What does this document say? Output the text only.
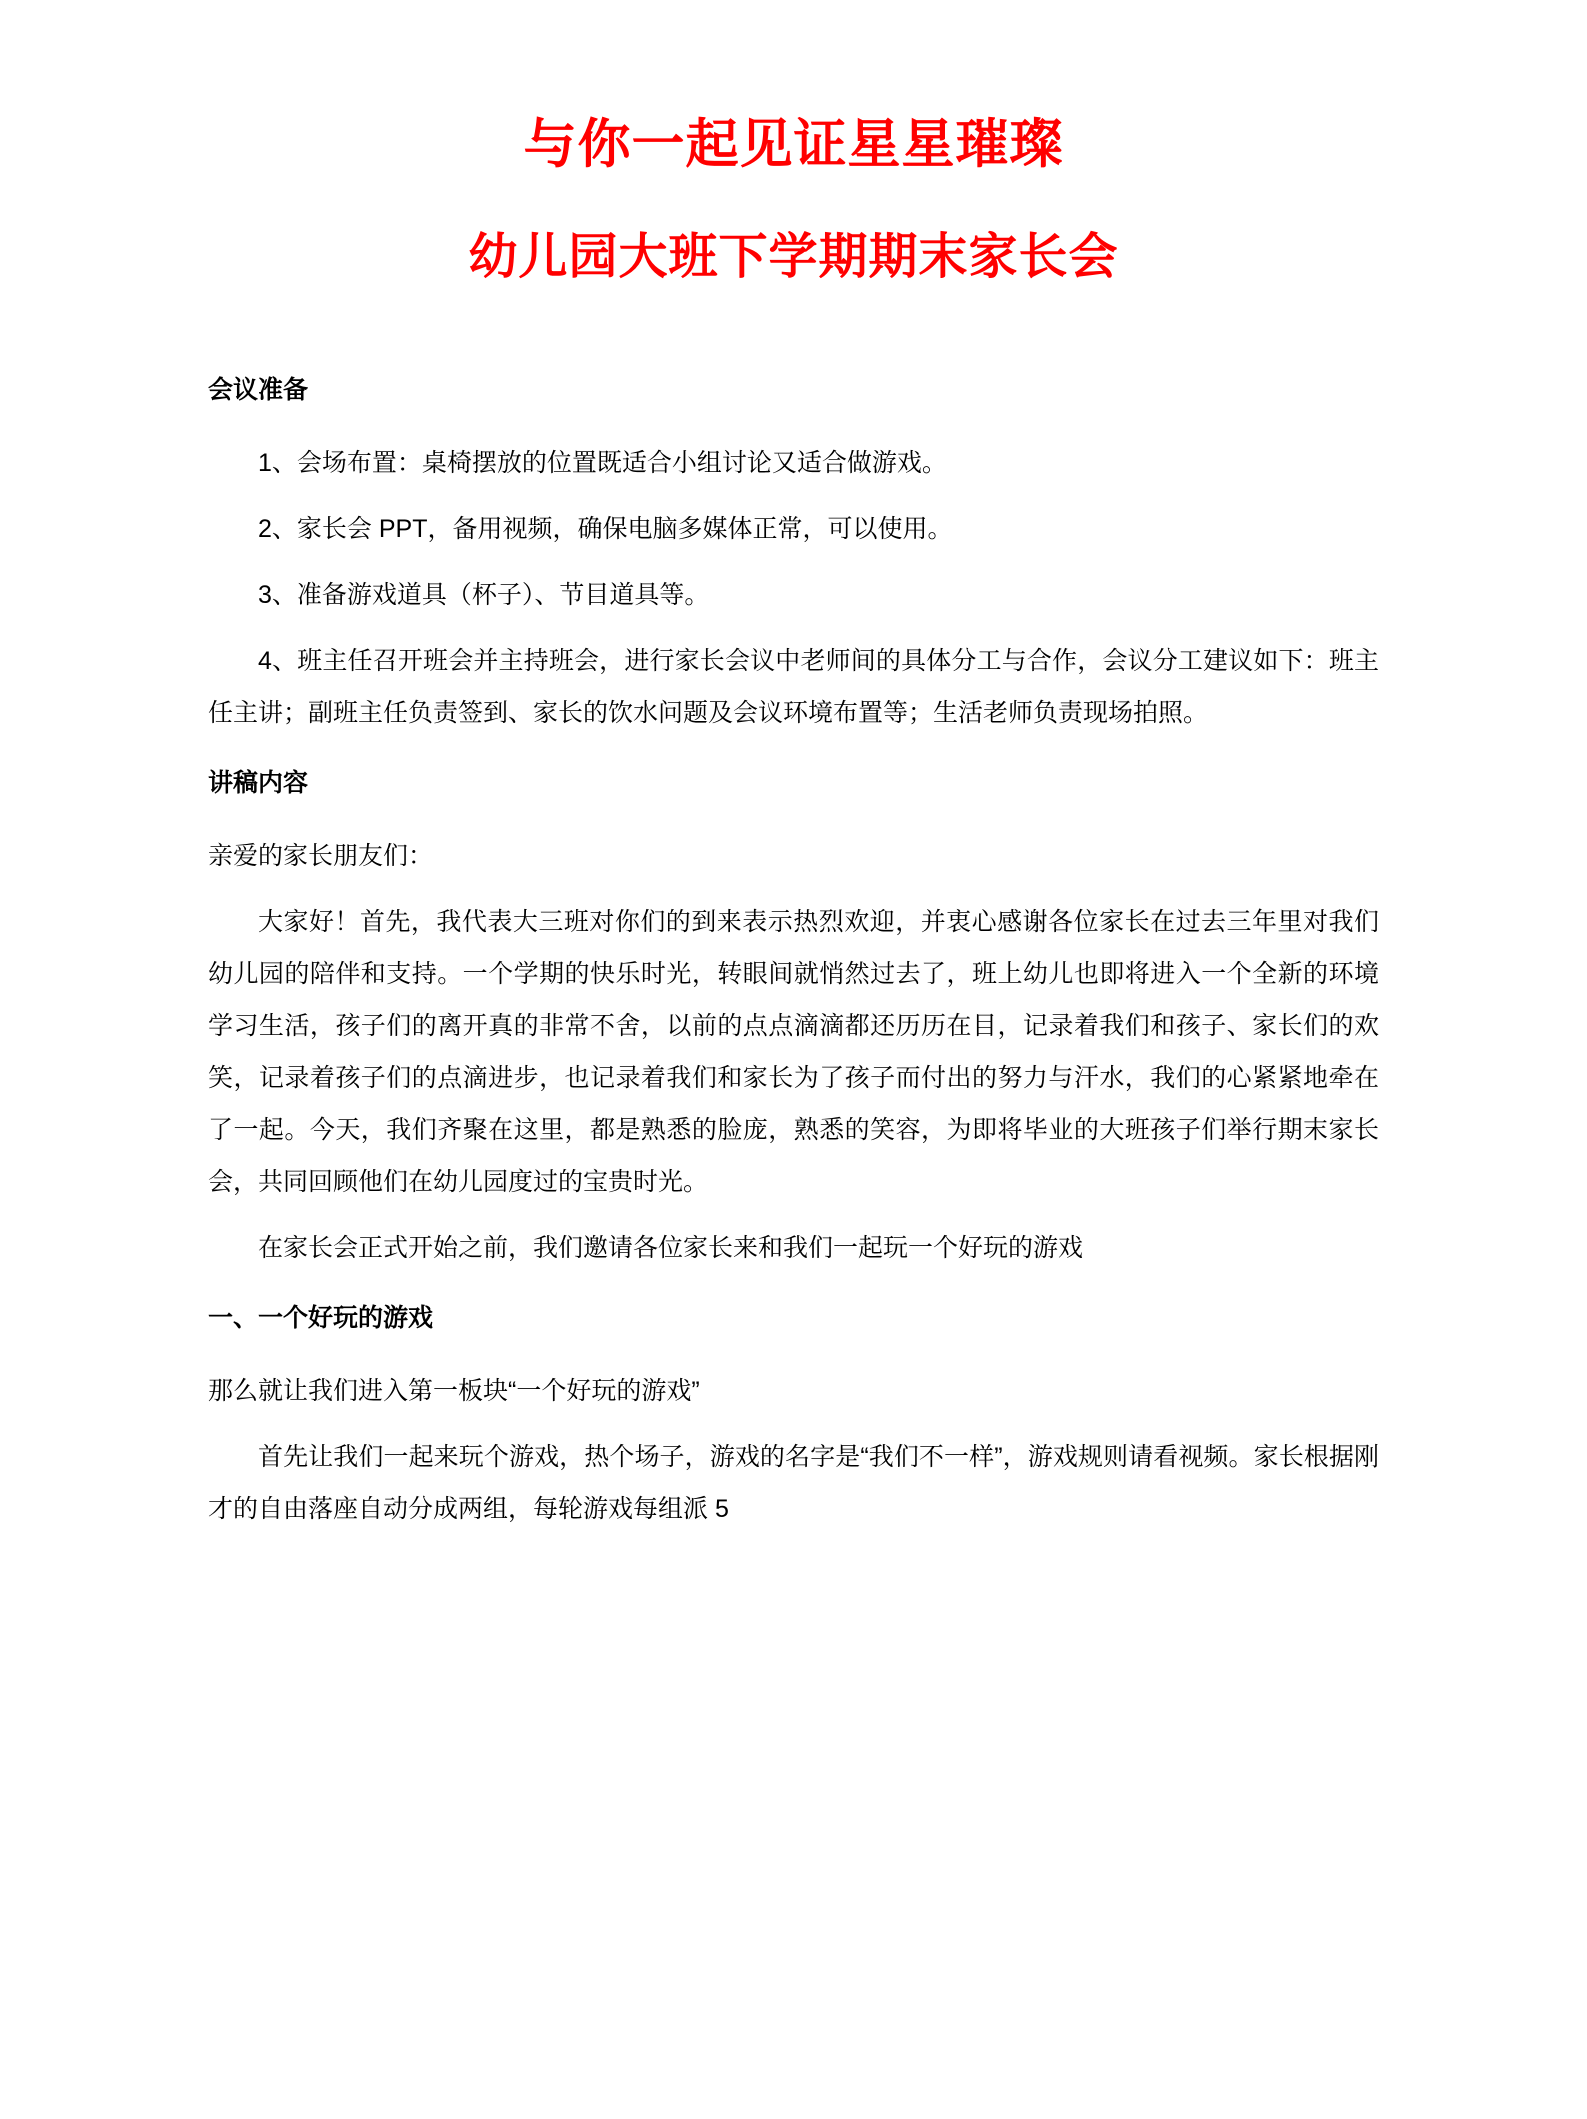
与你一起见证星星璀璨
幼儿园大班下学期期末家长会
会议准备

1、会场布置：桌椅摆放的位置既适合小组讨论又适合做游戏。

2、家长会 PPT，备用视频，确保电脑多媒体正常，可以使用。

3、准备游戏道具（杯子）、节目道具等。

4、班主任召开班会并主持班会，进行家长会议中老师间的具体分工与合作，会议分工建议如下：班主任主讲；副班主任负责签到、家长的饮水问题及会议环境布置等；生活老师负责现场拍照。

讲稿内容

亲爱的家长朋友们：

大家好！首先，我代表大三班对你们的到来表示热烈欢迎，并衷心感谢各位家长在过去三年里对我们幼儿园的陪伴和支持。一个学期的快乐时光，转眼间就悄然过去了，班上幼儿也即将进入一个全新的环境学习生活，孩子们的离开真的非常不舍，以前的点点滴滴都还历历在目，记录着我们和孩子、家长们的欢笑，记录着孩子们的点滴进步，也记录着我们和家长为了孩子而付出的努力与汗水，我们的心紧紧地牵在了一起。今天，我们齐聚在这里，都是熟悉的脸庞，熟悉的笑容，为即将毕业的大班孩子们举行期末家长会，共同回顾他们在幼儿园度过的宝贵时光。

在家长会正式开始之前，我们邀请各位家长来和我们一起玩一个好玩的游戏

一、一个好玩的游戏

那么就让我们进入第一板块“一个好玩的游戏”

首先让我们一起来玩个游戏，热个场子，游戏的名字是“我们不一样”，游戏规则请看视频。家长根据刚才的自由落座自动分成两组，每轮游戏每组派 5
